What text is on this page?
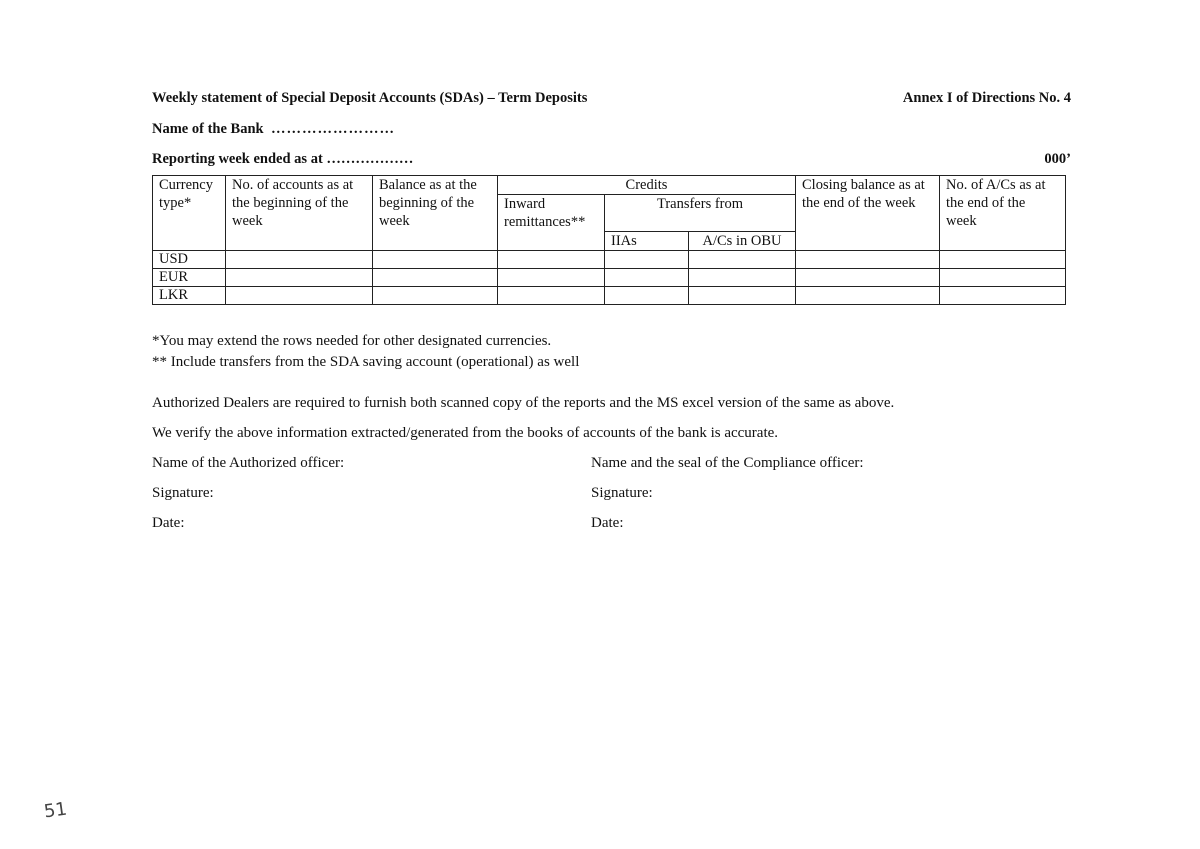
Weekly statement of Special Deposit Accounts (SDAs) – Term Deposits	Annex I of Directions No. 4
Name of the Bank ……………………
Reporting week ended as at ………………	000’
Currency type*	No. of accounts as at the beginning of the week	Balance as at the beginning of the week	Credits			Closing balance as at the end of the week	No. of A/Cs as at the end of the week
			Inward remittances**	Transfers from			
				IIAs	A/Cs in OBU		
USD							
EUR							
LKR							
*You may extend the rows needed for other designated currencies.
** Include transfers from the SDA saving account (operational) as well
Authorized Dealers are required to furnish both scanned copy of the reports and the MS excel version of the same as above.
We verify the above information extracted/generated from the books of accounts of the bank is accurate.
Name of the Authorized officer:	Name and the seal of the Compliance officer:
Signature:	Signature:
Date:	Date:
51
